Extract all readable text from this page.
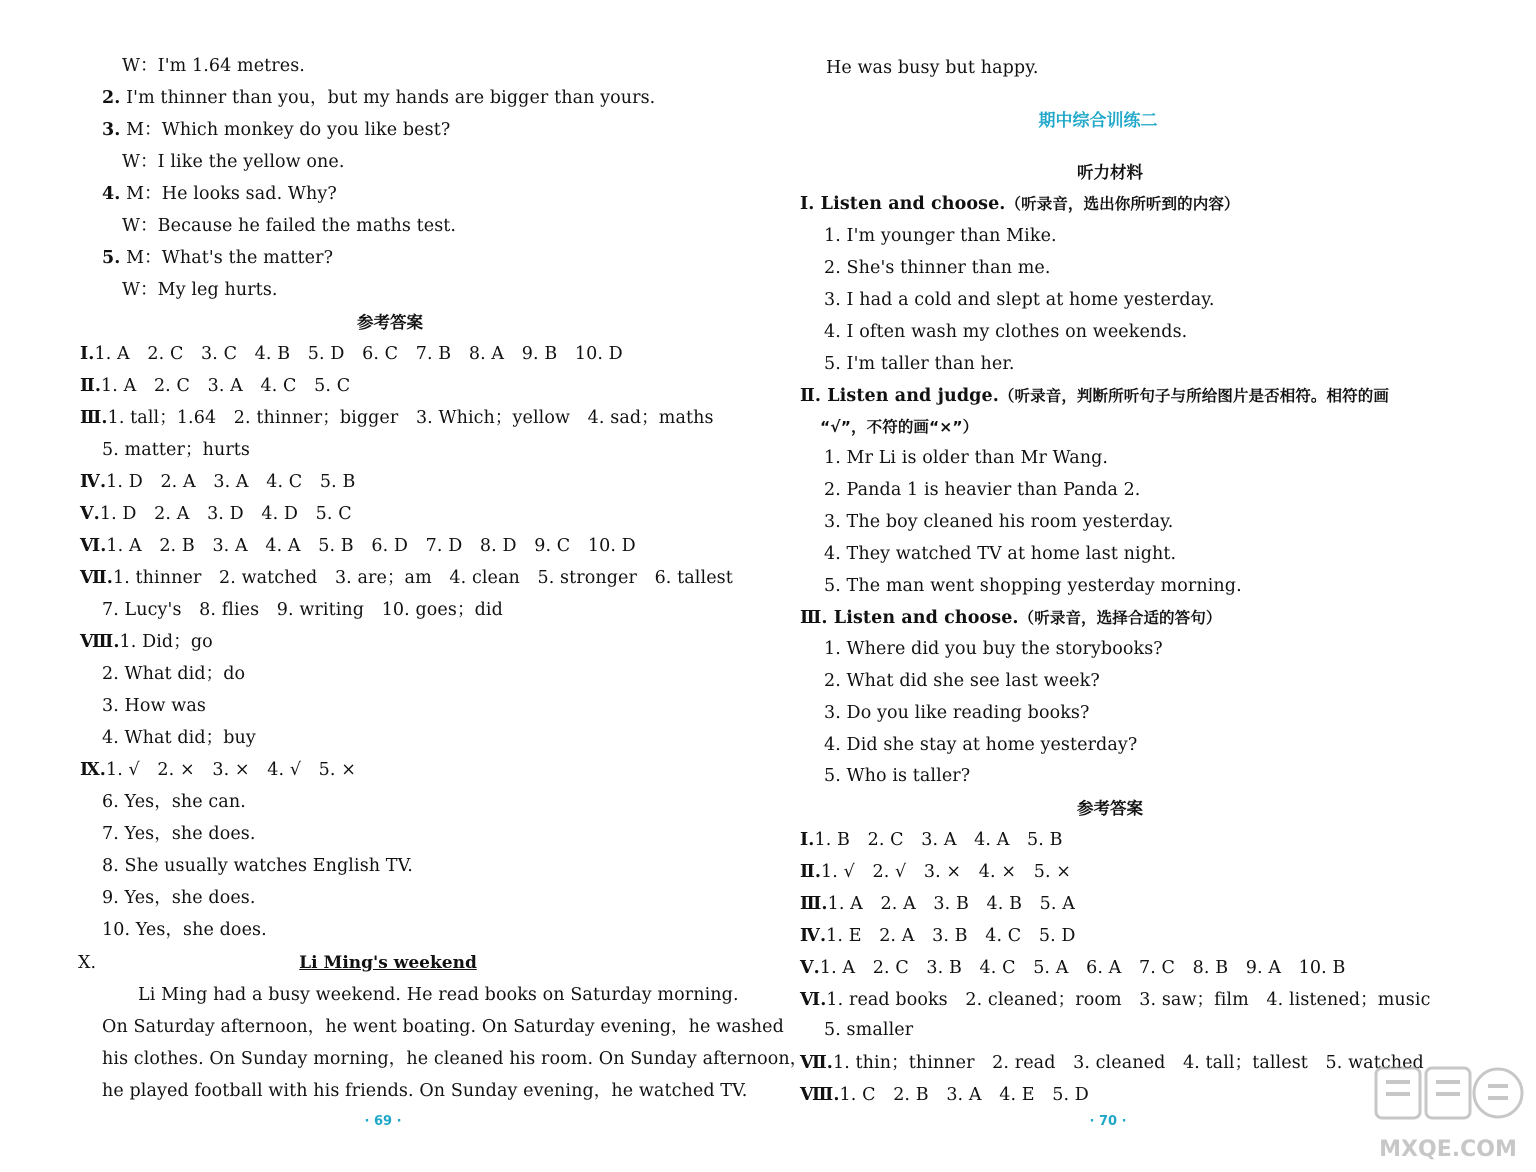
W：I'm 1.64 metres.
2. I'm thinner than you，but my hands are bigger than yours.
3. M：Which monkey do you like best?
W：I like the yellow one.
4. M：He looks sad. Why?
W：Because he failed the maths test.
5. M：What's the matter?
W：My leg hurts.
参考答案
Ⅰ.1. A　2. C　3. C　4. B　5. D　6. C　7. B　8. A　9. B　10. D
Ⅱ.1. A　2. C　3. A　4. C　5. C
Ⅲ.1. tall；1.64　2. thinner；bigger　3. Which；yellow　4. sad；maths
5. matter；hurts
Ⅳ.1. D　2. A　3. A　4. C　5. B
Ⅴ.1. D　2. A　3. D　4. D　5. C
Ⅵ.1. A　2. B　3. A　4. A　5. B　6. D　7. D　8. D　9. C　10. D
Ⅶ.1. thinner　2. watched　3. are；am　4. clean　5. stronger　6. tallest
7. Lucy's　8. flies　9. writing　10. goes；did
Ⅷ.1. Did；go
2. What did；do
3. How was
4. What did；buy
Ⅸ.1. √　2. ×　3. ×　4. √　5. ×
6. Yes，she can.
7. Yes，she does.
8. She usually watches English TV.
9. Yes，she does.
10. Yes，she does.
Ⅹ.	Li Ming's weekend
Li Ming had a busy weekend. He read books on Saturday morning.
On Saturday afternoon，he went boating. On Saturday evening，he washed
his clothes. On Sunday morning，he cleaned his room. On Sunday afternoon，
he played football with his friends. On Sunday evening，he watched TV.
· 69 ·
He was busy but happy.
期中综合训练二
听力材料
Ⅰ. Listen and choose.（听录音，选出你所听到的内容）
1. I'm younger than Mike.
2. She's thinner than me.
3. I had a cold and slept at home yesterday.
4. I often wash my clothes on weekends.
5. I'm taller than her.
Ⅱ. Listen and judge.（听录音，判断所听句子与所给图片是否相符。相符的画
“√”，不符的画“×”）
1. Mr Li is older than Mr Wang.
2. Panda 1 is heavier than Panda 2.
3. The boy cleaned his room yesterday.
4. They watched TV at home last night.
5. The man went shopping yesterday morning.
Ⅲ. Listen and choose.（听录音，选择合适的答句）
1. Where did you buy the storybooks?
2. What did she see last week?
3. Do you like reading books?
4. Did she stay at home yesterday?
5. Who is taller?
参考答案
Ⅰ.1. B　2. C　3. A　4. A　5. B
Ⅱ.1. √　2. √　3. ×　4. ×　5. ×
Ⅲ.1. A　2. A　3. B　4. B　5. A
Ⅳ.1. E　2. A　3. B　4. C　5. D
Ⅴ.1. A　2. C　3. B　4. C　5. A　6. A　7. C　8. B　9. A　10. B
Ⅵ.1. read books　2. cleaned；room　3. saw；film　4. listened；music
5. smaller
Ⅶ.1. thin；thinner　2. read　3. cleaned　4. tall；tallest　5. watched
Ⅷ.1. C　2. B　3. A　4. E　5. D
· 70 ·
MXQE.COM
